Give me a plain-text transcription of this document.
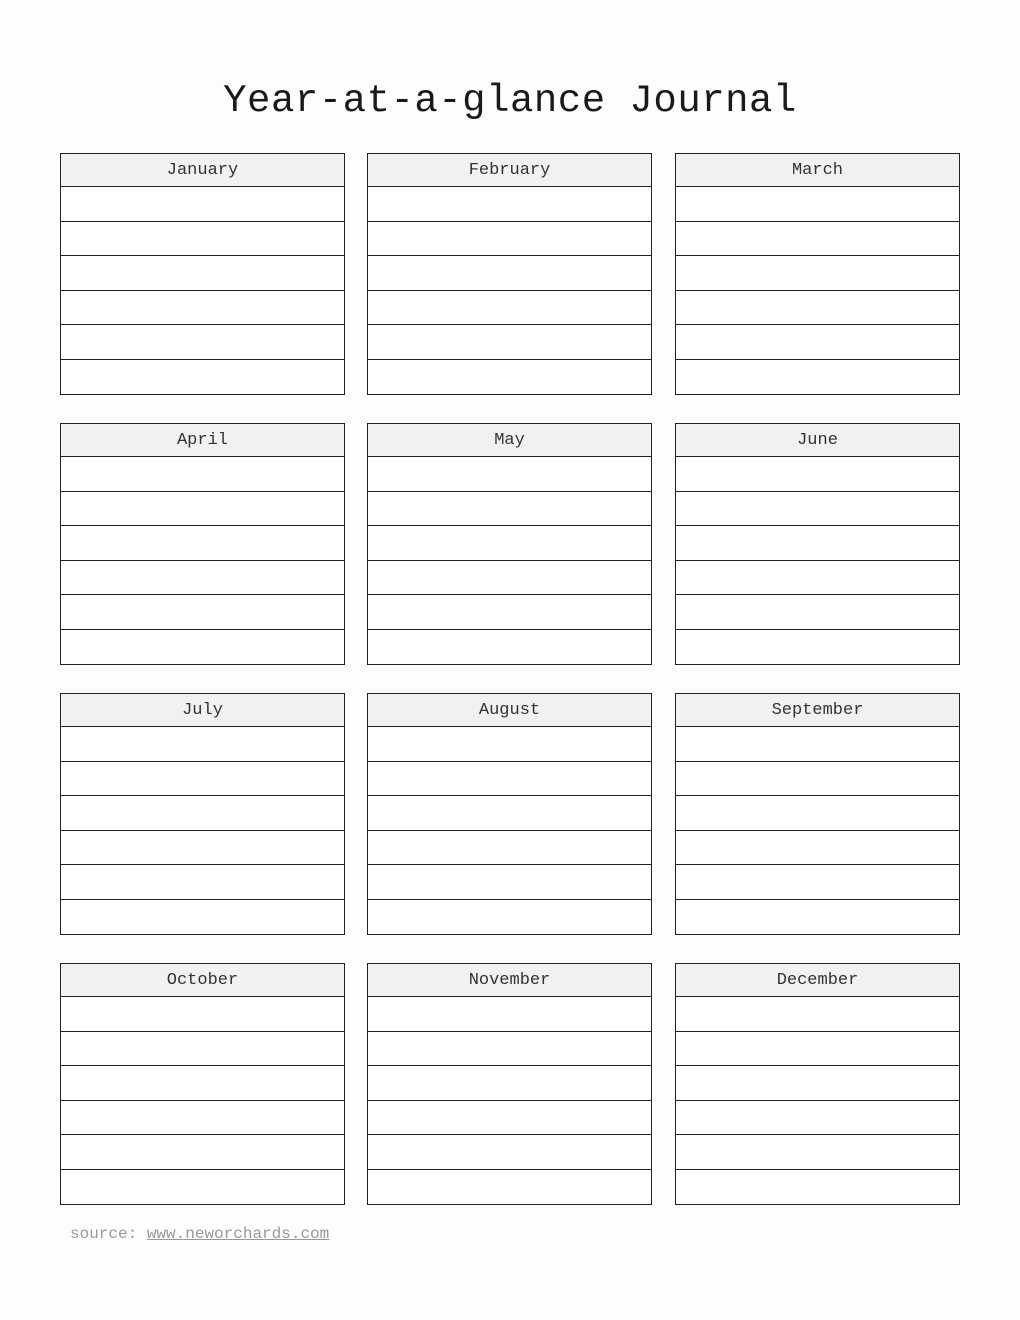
Year-at-a-glance Journal
January	February	March
April	May	June
July	August	September
October	November	December
source: www.neworchards.com
